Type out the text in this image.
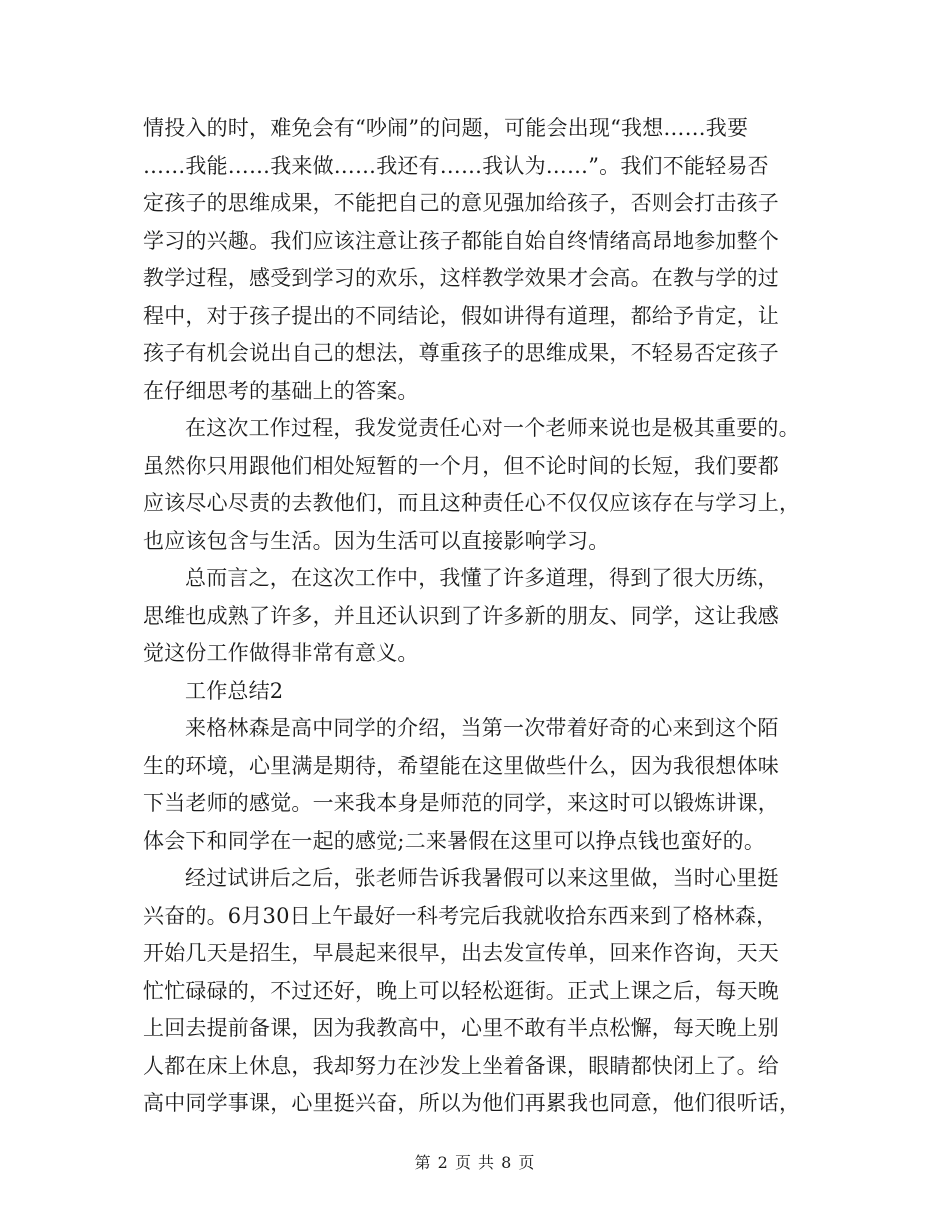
情投入的时，难免会有“吵闹”的问题，可能会出现“我想……我要
……我能……我来做……我还有……我认为……”。我们不能轻易否
定孩子的思维成果，不能把自己的意见强加给孩子，否则会打击孩子
学习的兴趣。我们应该注意让孩子都能自始自终情绪高昂地参加整个
教学过程，感受到学习的欢乐，这样教学效果才会高。在教与学的过
程中，对于孩子提出的不同结论，假如讲得有道理，都给予肯定，让
孩子有机会说出自己的想法，尊重孩子的思维成果，不轻易否定孩子
在仔细思考的基础上的答案。
在这次工作过程，我发觉责任心对一个老师来说也是极其重要的。
虽然你只用跟他们相处短暂的一个月，但不论时间的长短，我们要都
应该尽心尽责的去教他们，而且这种责任心不仅仅应该存在与学习上，
也应该包含与生活。因为生活可以直接影响学习。
总而言之，在这次工作中，我懂了许多道理，得到了很大历练，
思维也成熟了许多，并且还认识到了许多新的朋友、同学，这让我感
觉这份工作做得非常有意义。
工作总结2
来格林森是高中同学的介绍，当第一次带着好奇的心来到这个陌
生的环境，心里满是期待，希望能在这里做些什么，因为我很想体味
下当老师的感觉。一来我本身是师范的同学，来这时可以锻炼讲课，
体会下和同学在一起的感觉;二来暑假在这里可以挣点钱也蛮好的。
经过试讲后之后，张老师告诉我暑假可以来这里做，当时心里挺
兴奋的。6月30日上午最好一科考完后我就收拾东西来到了格林森，
开始几天是招生，早晨起来很早，出去发宣传单，回来作咨询，天天
忙忙碌碌的，不过还好，晚上可以轻松逛街。正式上课之后，每天晚
上回去提前备课，因为我教高中，心里不敢有半点松懈，每天晚上别
人都在床上休息，我却努力在沙发上坐着备课，眼睛都快闭上了。给
高中同学事课，心里挺兴奋，所以为他们再累我也同意，他们很听话，
第 2 页 共 8 页
